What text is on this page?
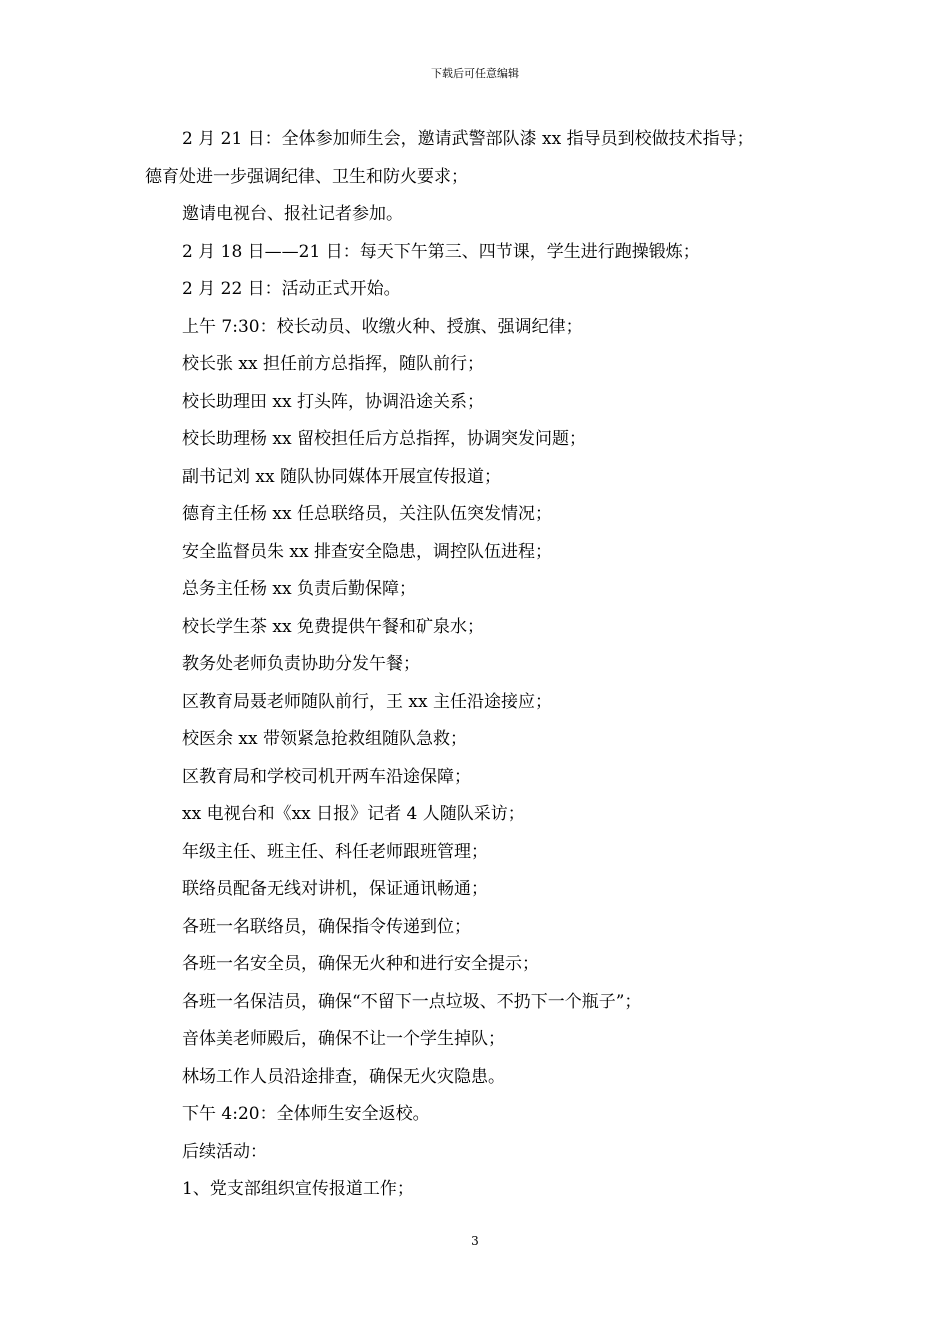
下载后可任意编辑

2 月 21 日：全体参加师生会，邀请武警部队漆 xx 指导员到校做技术指导；

德育处进一步强调纪律、卫生和防火要求；

邀请电视台、报社记者参加。

2 月 18 日——21 日：每天下午第三、四节课，学生进行跑操锻炼；

2 月 22 日：活动正式开始。

上午 7:30：校长动员、收缴火种、授旗、强调纪律；

校长张 xx 担任前方总指挥，随队前行；

校长助理田 xx 打头阵，协调沿途关系；

校长助理杨 xx 留校担任后方总指挥，协调突发问题；

副书记刘 xx 随队协同媒体开展宣传报道；

德育主任杨 xx 任总联络员，关注队伍突发情况；

安全监督员朱 xx 排查安全隐患，调控队伍进程；

总务主任杨 xx 负责后勤保障；

校长学生茶 xx 免费提供午餐和矿泉水；

教务处老师负责协助分发午餐；

区教育局聂老师随队前行，王 xx 主任沿途接应；

校医余 xx 带领紧急抢救组随队急救；

区教育局和学校司机开两车沿途保障；

xx 电视台和《xx 日报》记者 4 人随队采访；

年级主任、班主任、科任老师跟班管理；

联络员配备无线对讲机，保证通讯畅通；

各班一名联络员，确保指令传递到位；

各班一名安全员，确保无火种和进行安全提示；

各班一名保洁员，确保“不留下一点垃圾、不扔下一个瓶子”；

音体美老师殿后，确保不让一个学生掉队；

林场工作人员沿途排查，确保无火灾隐患。

下午 4:20：全体师生安全返校。

后续活动：

1、党支部组织宣传报道工作；

3
